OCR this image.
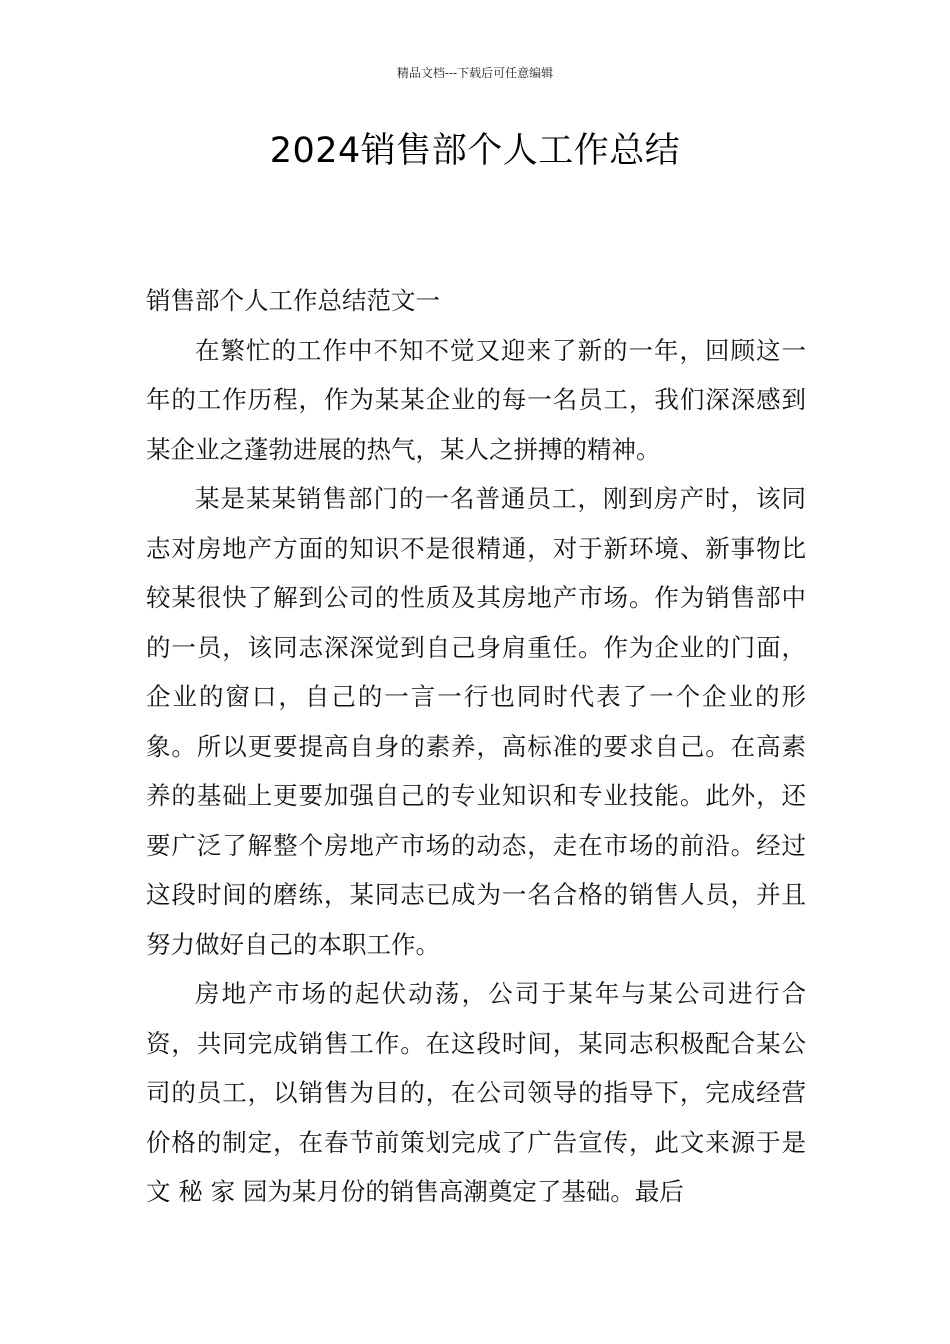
精品文档---下载后可任意编辑
2024销售部个人工作总结

销售部个人工作总结范文一

在繁忙的工作中不知不觉又迎来了新的一年，回顾这一年的工作历程，作为某某企业的每一名员工，我们深深感到某企业之蓬勃进展的热气，某人之拼搏的精神。

某是某某销售部门的一名普通员工，刚到房产时，该同志对房地产方面的知识不是很精通，对于新环境、新事物比较某很快了解到公司的性质及其房地产市场。作为销售部中的一员，该同志深深觉到自己身肩重任。作为企业的门面，企业的窗口，自己的一言一行也同时代表了一个企业的形象。所以更要提高自身的素养，高标准的要求自己。在高素养的基础上更要加强自己的专业知识和专业技能。此外，还要广泛了解整个房地产市场的动态，走在市场的前沿。经过这段时间的磨练，某同志已成为一名合格的销售人员，并且努力做好自己的本职工作。

房地产市场的起伏动荡，公司于某年与某公司进行合资，共同完成销售工作。在这段时间，某同志积极配合某公司的员工，以销售为目的，在公司领导的指导下，完成经营价格的制定，在春节前策划完成了广告宣传，此文来源于是文 秘 家 园为某月份的销售高潮奠定了基础。最后
